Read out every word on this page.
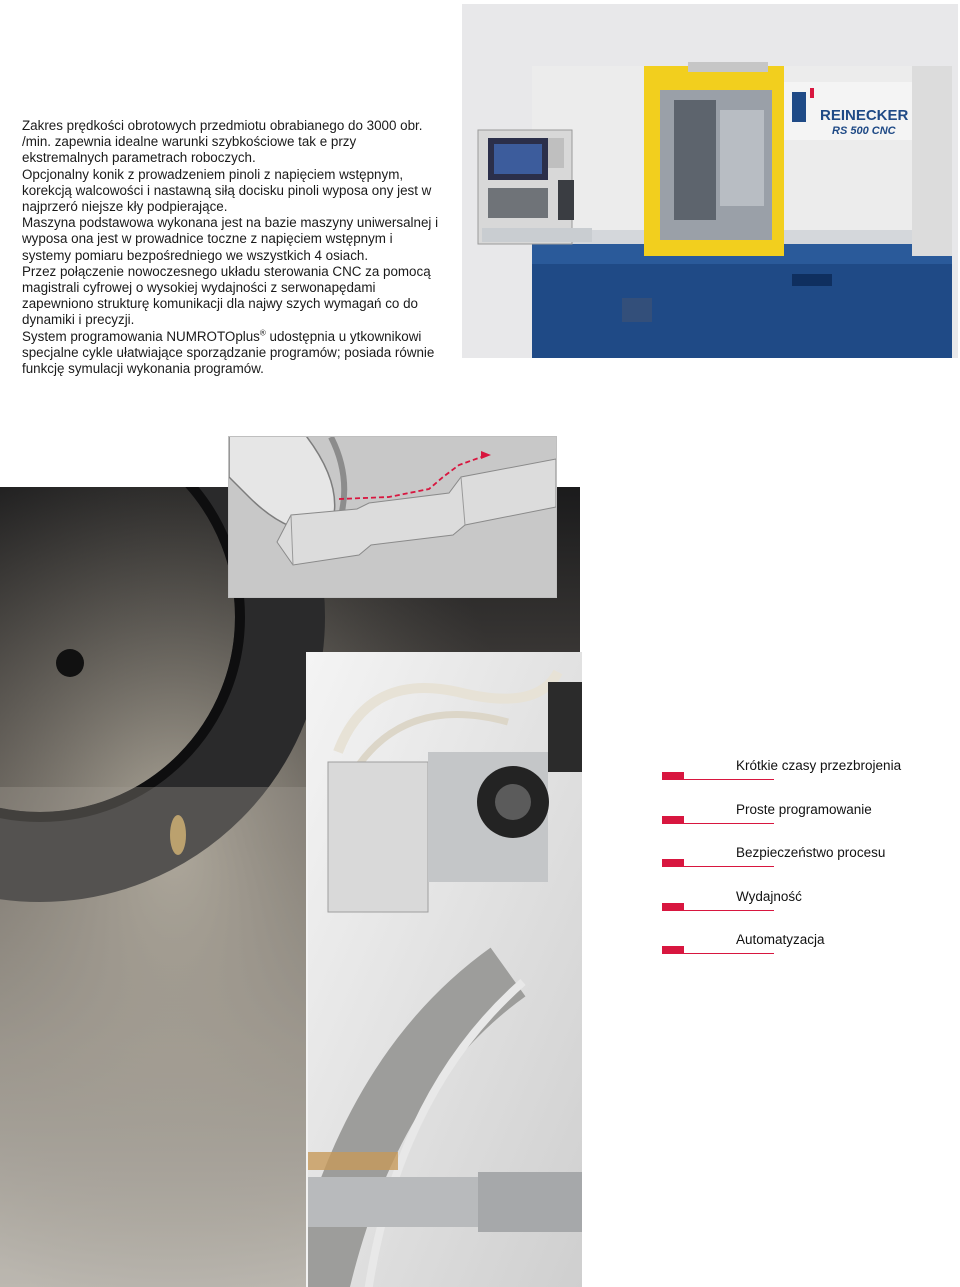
Zakres prędkości obrotowych przedmiotu obrabianego do 3000 obr. /min. zapewnia idealne warunki szybkościowe tak e przy ekstremalnych parametrach roboczych.

Opcjonalny konik z prowadzeniem pinoli z napięciem wstępnym, korekcją walcowości i nastawną siłą docisku pinoli wyposa ony jest w najprzeró niejsze kły podpierające.

Maszyna podstawowa wykonana jest na bazie maszyny uniwersalnej i wyposa ona jest w prowadnice toczne z napięciem wstępnym i systemy pomiaru bezpośredniego we wszystkich 4 osiach.

Przez połączenie nowoczesnego układu sterowania CNC za pomocą magistrali cyfrowej o wysokiej wydajności z serwonapędami zapewniono strukturę komunikacji dla najwy szych wymagań co do dynamiki i precyzji.

System programowania NUMROTOplus® udostępnia u ytkownikowi specjalne cykle ułatwiające sporządzanie programów; posiada równie funkcję symulacji wykonania programów.

REINECKER
RS 500 CNC
Krótkie czasy przezbrojenia
Proste programowanie
Bezpieczeństwo procesu
Wydajność
Automatyzacja
